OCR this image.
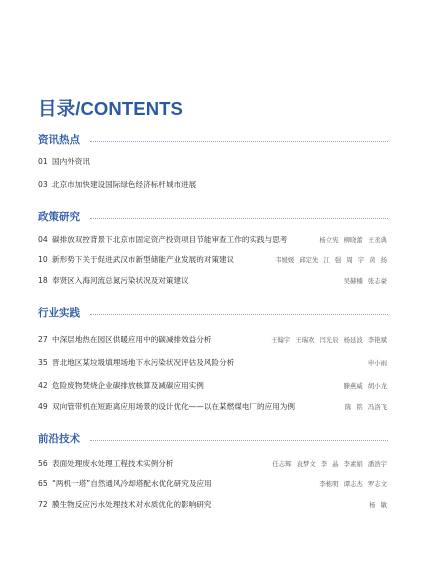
目录/CONTENTS
资讯热点
01 国内外资讯
03 北京市加快建设国际绿色经济标杆城市进展
政策研究
04 碳排放双控背景下北京市固定资产投资项目节能审查工作的实践与思考	杨立宪 柳晓蕾 王丞典
10 新形势下关于促进武汉市新型储能产业发展的对策建议	韦媛媛 邱定先 江 强 周 宇 黄 扬
18 奉贤区入海河流总氮污染状况及对策建议	吴赫楠 张志豪
行业实践
27 中深层地热在园区供暖应用中的碳减排效益分析	王翰宇 王瑞欢 闫光辰 杨延波 李艳斌
35 晋北地区某垃圾填埋场地下水污染状况评估及风险分析	申小雨
42 危险废物焚烧企业碳排放核算及减碳应用实例	滕燕威 胡小龙
49 双向管带机在短距离应用场景的设计优化——以在某燃煤电厂的应用为例	陈 铭 冯洛飞
前沿技术
56 表面处理废水处理工程技术实例分析	任志辉 袁梦文 李 晶 李素娟 潘浩宇
65 “两机一塔”自然通风冷却塔配水优化研究及应用	李栋明 谭志杰 罗志文
72 膜生物反应污水处理技术对水质优化的影响研究	杨 敏
